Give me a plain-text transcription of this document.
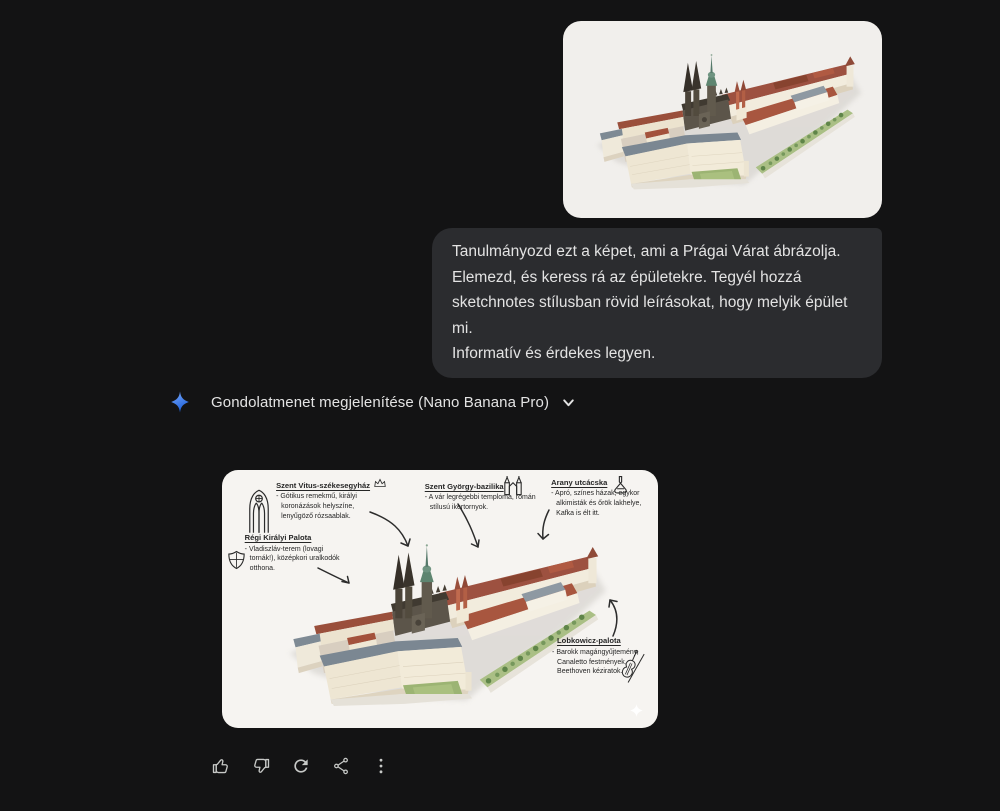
Tanulmányozd ezt a képet, ami a Prágai Várat ábrázolja.
Elemezd, és keress rá az épületekre. Tegyél hozzá
sketchnotes stílusban rövid leírásokat, hogy melyik épület mi.
Informatív és érdekes legyen.
Gondolatmenet megjelenítése (Nano Banana Pro)
Szent Vitus-székesegyház
- Gótikus remekmű, királyi koronázások helyszíne, lenyűgöző rózsaablak.
Régi Királyi Palota
- Vladiszláv-terem (lovagi tornák!), középkori uralkodók otthona.
Szent György-bazilika
- A vár legrégebbi temploma, román stílusú ikertornyok.
Arany utcácska
- Apró, színes házak, egykor alkimisták és őrök lakhelye, Kafka is élt itt.
Lobkowicz-palota
- Barokk magángyűjtemény, Canaletto festmények, Beethoven kéziratok.
